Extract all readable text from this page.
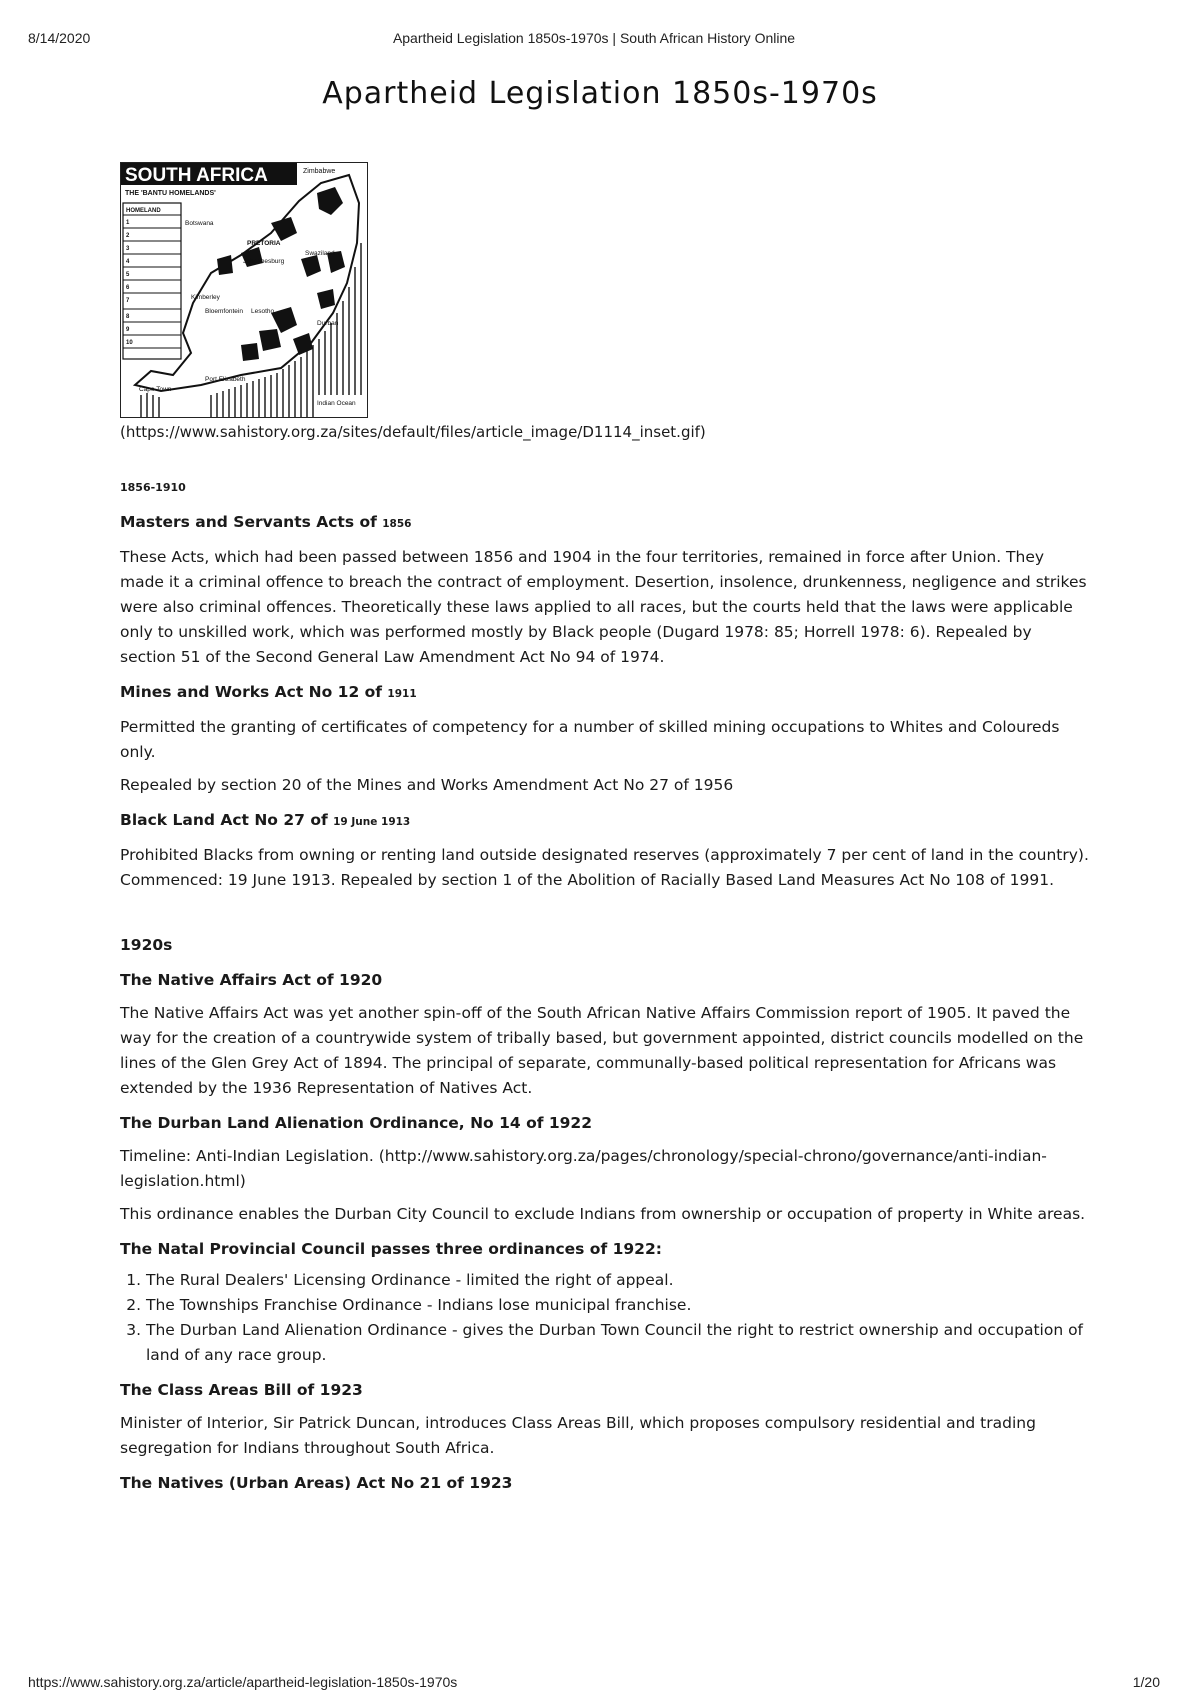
8/14/2020	Apartheid Legislation 1850s-1970s | South African History Online
Apartheid Legislation 1850s-1970s
SOUTH AFRICA
THE 'BANTU HOMELANDS'
Zimbabwe
HOMELAND
1
2
3
4
5
6
7
8
9
10
Botswana
PRETORIA
Johannesburg
Swaziland
Kimberley
Bloemfontein Lesotho
Durban
Port Elizabeth
Cape Town
Indian Ocean
(https://www.sahistory.org.za/sites/default/files/article_image/D1114_inset.gif)
1856-1910
Masters and Servants Acts of 1856

These Acts, which had been passed between 1856 and 1904 in the four territories, remained in force after Union. They made it a criminal offence to breach the contract of employment. Desertion, insolence, drunkenness, negligence and strikes were also criminal offences. Theoretically these laws applied to all races, but the courts held that the laws were applicable only to unskilled work, which was performed mostly by Black people (Dugard 1978: 85; Horrell 1978: 6). Repealed by section 51 of the Second General Law Amendment Act No 94 of 1974.

Mines and Works Act No 12 of 1911

Permitted the granting of certificates of competency for a number of skilled mining occupations to Whites and Coloureds only.

Repealed by section 20 of the Mines and Works Amendment Act No 27 of 1956

Black Land Act No 27 of 19 June 1913

Prohibited Blacks from owning or renting land outside designated reserves (approximately 7 per cent of land in the country). Commenced: 19 June 1913. Repealed by section 1 of the Abolition of Racially Based Land Measures Act No 108 of 1991.

1920s
The Native Affairs Act of 1920

The Native Affairs Act was yet another spin-off of the South African Native Affairs Commission report of 1905. It paved the way for the creation of a countrywide system of tribally based, but government appointed, district councils modelled on the lines of the Glen Grey Act of 1894. The principal of separate, communally-based political representation for Africans was extended by the 1936 Representation of Natives Act.

The Durban Land Alienation Ordinance, No 14 of 1922

Timeline: Anti-Indian Legislation. (http://www.sahistory.org.za/pages/chronology/special-chrono/governance/anti-indian-legislation.html)

This ordinance enables the Durban City Council to exclude Indians from ownership or occupation of property in White areas.

The Natal Provincial Council passes three ordinances of 1922:
1. The Rural Dealers' Licensing Ordinance - limited the right of appeal.
2. The Townships Franchise Ordinance - Indians lose municipal franchise.
3. The Durban Land Alienation Ordinance - gives the Durban Town Council the right to restrict ownership and occupation of land of any race group.
The Class Areas Bill of 1923

Minister of Interior, Sir Patrick Duncan, introduces Class Areas Bill, which proposes compulsory residential and trading segregation for Indians throughout South Africa.

The Natives (Urban Areas) Act No 21 of 1923
https://www.sahistory.org.za/article/apartheid-legislation-1850s-1970s	1/20
